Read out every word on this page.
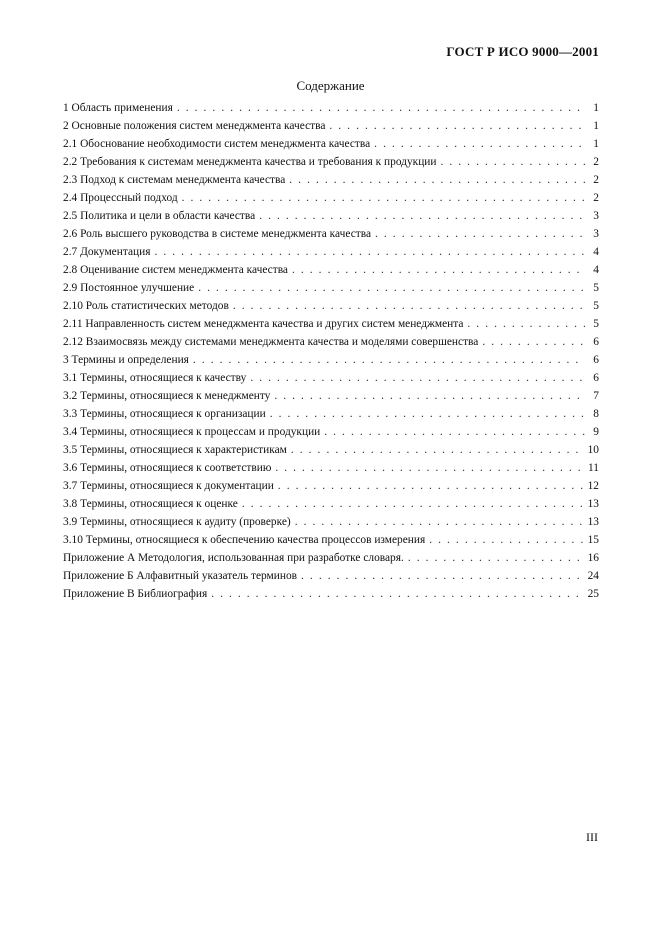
ГОСТ Р ИСО 9000—2001
Содержание
1 Область применения . . .	1
2 Основные положения систем менеджмента качества . . .	1
2.1 Обоснование необходимости систем менеджмента качества . . .	1
2.2 Требования к системам менеджмента качества и требования к продукции . . .	2
2.3 Подход к системам менеджмента качества . . .	2
2.4 Процессный подход . . .	2
2.5 Политика и цели в области качества . . .	3
2.6 Роль высшего руководства в системе менеджмента качества . . .	3
2.7 Документация . . .	4
2.8 Оценивание систем менеджмента качества . . .	4
2.9 Постоянное улучшение . . .	5
2.10 Роль статистических методов . . .	5
2.11 Направленность систем менеджмента качества и других систем менеджмента . . .	5
2.12 Взаимосвязь между системами менеджмента качества и моделями совершенства . . .	6
3 Термины и определения . . .	6
3.1 Термины, относящиеся к качеству . . .	6
3.2 Термины, относящиеся к менеджменту . . .	7
3.3 Термины, относящиеся к организации . . .	8
3.4 Термины, относящиеся к процессам и продукции . . .	9
3.5 Термины, относящиеся к характеристикам . . .	10
3.6 Термины, относящиеся к соответствию . . .	11
3.7 Термины, относящиеся к документации . . .	12
3.8 Термины, относящиеся к оценке . . .	13
3.9 Термины, относящиеся к аудиту (проверке) . . .	13
3.10 Термины, относящиеся к обеспечению качества процессов измерения . . .	15
Приложение А Методология, использованная при разработке словаря. . . .	16
Приложение Б Алфавитный указатель терминов . . .	24
Приложение В Библиография . . .	25
III
